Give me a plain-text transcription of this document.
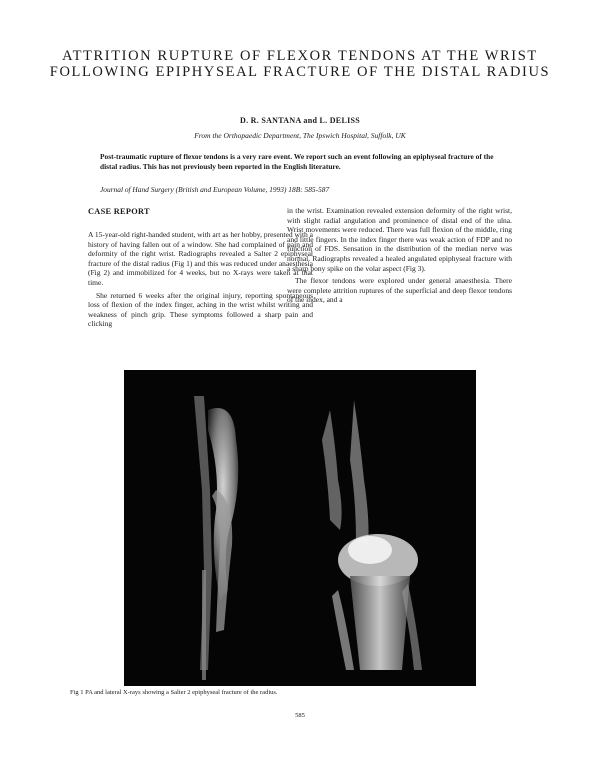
ATTRITION RUPTURE OF FLEXOR TENDONS AT THE WRIST FOLLOWING EPIPHYSEAL FRACTURE OF THE DISTAL RADIUS
D. R. SANTANA and L. DELISS
From the Orthopaedic Department, The Ipswich Hospital, Suffolk, UK
Post-traumatic rupture of flexor tendons is a very rare event. We report such an event following an epiphyseal fracture of the distal radius. This has not previously been reported in the English literature.
Journal of Hand Surgery (British and European Volume, 1993) 18B: 585-587
CASE REPORT

A 15-year-old right-handed student, with art as her hobby, presented with a history of having fallen out of a window. She had complained of pain and deformity of the right wrist. Radiographs revealed a Salter 2 epiphyseal fracture of the distal radius (Fig 1) and this was reduced under anaesthesia (Fig 2) and immobilized for 4 weeks, but no X-rays were taken at that time.

She returned 6 weeks after the original injury, reporting spontaneous loss of flexion of the index finger, aching in the wrist whilst writing and weakness of pinch grip. These symptoms followed a sharp pain and clicking

in the wrist. Examination revealed extension deformity of the right wrist, with slight radial angulation and prominence of distal end of the ulna. Wrist movements were reduced. There was full flexion of the middle, ring and little fingers. In the index finger there was weak action of FDP and no function of FDS. Sensation in the distribution of the median nerve was normal. Radiographs revealed a healed angulated epiphyseal fracture with a sharp bony spike on the volar aspect (Fig 3).

The flexor tendons were explored under general anaesthesia. There were complete attrition ruptures of the superficial and deep flexor tendons of the index, and a

Fig 1 PA and lateral X-rays showing a Salter 2 epiphyseal fracture of the radius.
585
